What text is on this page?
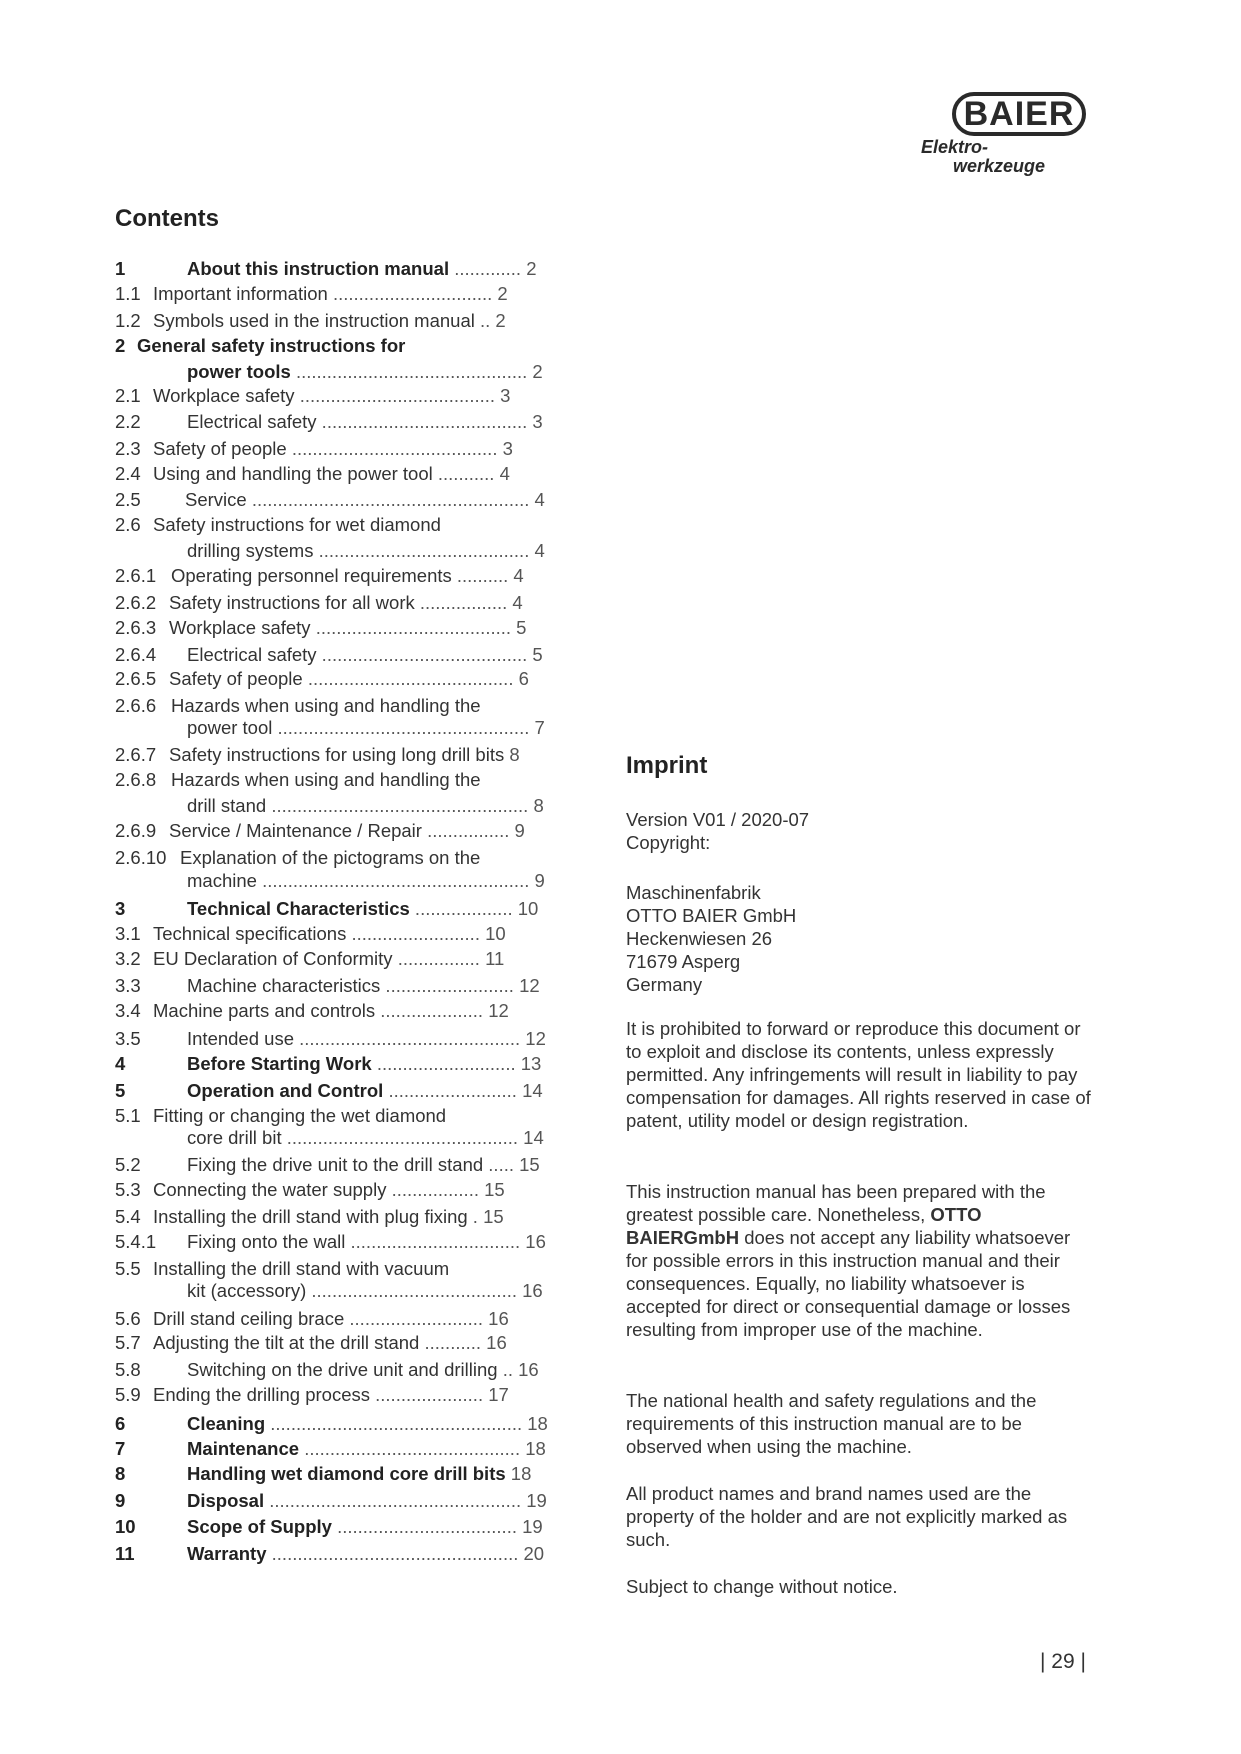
BAIER
Elektro-
werkzeuge
Contents
1	About this instruction manual ............. 2
1.1 Important information ............................... 2
1.2 Symbols used in the instruction manual .. 2
2 General safety instructions for
power tools ............................................. 2
2.1 Workplace safety ...................................... 3
2.2	Electrical safety ........................................ 3
2.3 Safety of people ........................................ 3
2.4 Using and handling the power tool ........... 4
2.5 Service ...................................................... 4
2.6 Safety instructions for wet diamond
drilling systems ......................................... 4
2.6.1 Operating personnel requirements .......... 4
2.6.2 Safety instructions for all work ................. 4
2.6.3 Workplace safety ...................................... 5
2.6.4 Electrical safety ........................................ 5
2.6.5 Safety of people ........................................ 6
2.6.6 Hazards when using and handling the
power tool ................................................. 7
2.6.7 Safety instructions for using long drill bits 8
2.6.8 Hazards when using and handling the
drill stand .................................................. 8
2.6.9 Service / Maintenance / Repair ................ 9
2.6.10 Explanation of the pictograms on the
machine .................................................... 9
3	Technical Characteristics ................... 10
3.1 Technical specifications ......................... 10
3.2 EU Declaration of Conformity ................ 11
3.3	Machine characteristics ......................... 12
3.4 Machine parts and controls .................... 12
3.5	Intended use ........................................... 12
4	Before Starting Work ........................... 13
5	Operation and Control ......................... 14
5.1 Fitting or changing the wet diamond
core drill bit ............................................. 14
5.2	Fixing the drive unit to the drill stand ..... 15
5.3 Connecting the water supply ................. 15
5.4 Installing the drill stand with plug fixing . 15
5.4.1 Fixing onto the wall ................................. 16
5.5 Installing the drill stand with vacuum
kit (accessory) ........................................ 16
5.6 Drill stand ceiling brace .......................... 16
5.7 Adjusting the tilt at the drill stand ........... 16
5.8	Switching on the drive unit and drilling .. 16
5.9 Ending the drilling process ..................... 17
6	Cleaning ................................................. 18
7	Maintenance .......................................... 18
8	Handling wet diamond core drill bits 18
9	Disposal ................................................. 19
10	Scope of Supply ................................... 19
11	Warranty ................................................ 20
Imprint

Version V01 / 2020-07

Copyright:

Maschinenfabrik

OTTO BAIER GmbH

Heckenwiesen 26

71679 Asperg

Germany

It is prohibited to forward or reproduce this document or to exploit and disclose its contents, unless expressly permitted. Any infringements will result in liability to pay compensation for damages. All rights reserved in case of patent, utility model or design registration.

This instruction manual has been prepared with the greatest possible care. Nonetheless, OTTO BAIERGmbH does not accept any liability whatsoever for possible errors in this instruction manual and their consequences. Equally, no liability whatsoever is accepted for direct or consequential damage or losses resulting from improper use of the machine.

The national health and safety regulations and the requirements of this instruction manual are to be observed when using the machine.

All product names and brand names used are the property of the holder and are not explicitly marked as such.

Subject to change without notice.

| 29 |
